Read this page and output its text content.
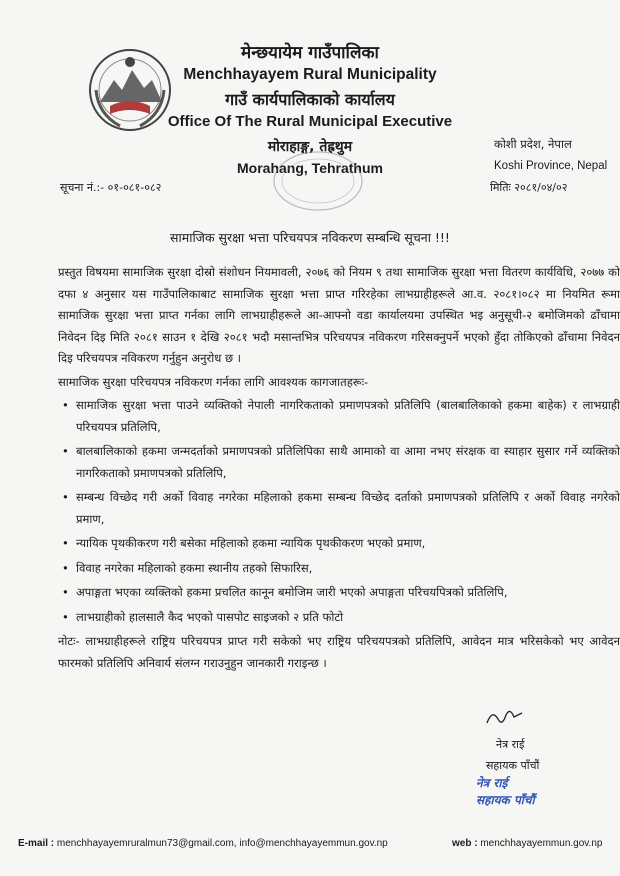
मेन्छयायेम गाउँपालिका
Menchhayayem Rural Municipality
गाउँ कार्यपालिकाको कार्यालय
Office Of The Rural Municipal Executive
मोराहाङ्ग, तेह्रथुम
Morahang, Tehrathum
कोशी प्रदेश, नेपाल
Koshi Province, Nepal
सूचना नं.:- ०१-०८१-०८२	मितिः २०८१/०४/०२
सामाजिक सुरक्षा भत्ता परिचयपत्र नविकरण सम्बन्धि सूचना !!!

प्रस्तुत विषयमा सामाजिक सुरक्षा दोस्रो संशोधन नियमावली, २०७६ को नियम ९ तथा सामाजिक सुरक्षा भत्ता वितरण कार्यविधि, २०७७ को दफा ४ अनुसार यस गाउँपालिकाबाट सामाजिक सुरक्षा भत्ता प्राप्त गरिरहेका लाभग्राहीहरूले आ.व. २०८१।०८२ मा नियमित रूमा सामाजिक सुरक्षा भत्ता प्राप्त गर्नका लागि लाभग्राहीहरूले आ-आफ्नो वडा कार्यालयमा उपस्थित भइ अनुसूची-२ बमोजिमको ढाँचामा निवेदन दिइ मिति २०८१ साउन १ देखि २०८१ भदौ मसान्तभित्र परिचयपत्र नविकरण गरिसक्नुपर्ने भएको हुँदा तोकिएको ढाँचामा निवेदन दिइ परिचयपत्र नविकरण गर्नुहुन अनुरोध छ ।

सामाजिक सुरक्षा परिचयपत्र नविकरण गर्नका लागि आवश्यक कागजातहरूः-

• सामाजिक सुरक्षा भत्ता पाउने व्यक्तिको नेपाली नागरिकताको प्रमाणपत्रको प्रतिलिपि (बालबालिकाको हकमा बाहेक) र लाभग्राही परिचयपत्र प्रतिलिपि,
• बालबालिकाको हकमा जन्मदर्ताको प्रमाणपत्रको प्रतिलिपिका साथै आमाको वा आमा नभए संरक्षक वा स्याहार सुसार गर्ने व्यक्तिको नागरिकताको प्रमाणपत्रको प्रतिलिपि,
• सम्बन्ध विच्छेद गरी अर्को विवाह नगरेका महिलाको हकमा सम्बन्ध विच्छेद दर्ताको प्रमाणपत्रको प्रतिलिपि र अर्को विवाह नगरेको प्रमाण,
• न्यायिक पृथकीकरण गरी बसेका महिलाको हकमा न्यायिक पृथकीकरण भएको प्रमाण,
• विवाह नगरेका महिलाको हकमा स्थानीय तहको सिफारिस,
• अपाङ्गता भएका व्यक्तिको हकमा प्रचलित कानून बमोजिम जारी भएको अपाङ्गता परिचयपित्रको प्रतिलिपि,
• लाभग्राहीको हालसालै कैद भएको पासपोट साइजको २ प्रति फोटो

नोटः- लाभग्राहीहरूले राष्ट्रिय परिचयपत्र प्राप्त गरी सकेको भए राष्ट्रिय परिचयपत्रको प्रतिलिपि, आवेदन मात्र भरिसकेको भए आवेदन फारमको प्रतिलिपि अनिवार्य संलग्न गराउनुहुन जानकारी गराइन्छ ।

नेत्र राई
सहायक पाँचौं
नेत्र राई
सहायक पाँचौं
E-mail : menchhayayemruralmun73@gmail.com, info@menchhayayemmun.gov.np	web : menchhayayemmun.gov.np
